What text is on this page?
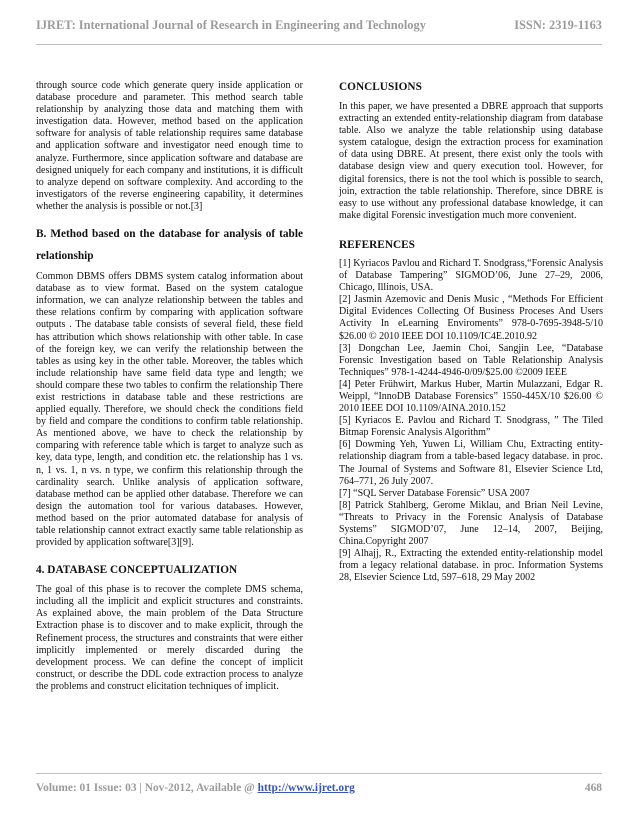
IJRET: International Journal of Research in Engineering and Technology	ISSN: 2319-1163

through source code which generate query inside application or database procedure and parameter. This method search table relationship by analyzing those data and matching them with investigation data. However, method based on the application software for analysis of table relationship requires same database and application software and investigator need enough time to analyze. Furthermore, since application software and database are designed uniquely for each company and institutions, it is difficult to analyze depend on software complexity. And according to the investigators of the reverse engineering capability, it determines whether the analysis is possible or not.[3]

B. Method based on the database for analysis of table relationship

Common DBMS offers DBMS system catalog information about database as to view format. Based on the system catalogue information, we can analyze relationship between the tables and these relations confirm by comparing with application software outputs . The database table consists of several field, these field has attribution which shows relationship with other table. In case of the foreign key, we can verify the relationship between the tables as using key in the other table. Moreover, the tables which include relationship have same field data type and length; we should compare these two tables to confirm the relationship There exist restrictions in database table and these restrictions are applied equally. Therefore, we should check the conditions field by field and compare the conditions to confirm table relationship. As mentioned above, we have to check the relationship by comparing with reference table which is target to analyze such as key, data type, length, and condition etc. the relationship has 1 vs. n, 1 vs. 1, n vs. n type, we confirm this relationship through the cardinality search. Unlike analysis of application software, database method can be applied other database. Therefore we can design the automation tool for various databases. However, method based on the prior automated database for analysis of table relationship cannot extract exactly same table relationship as provided by application software[3][9].

4. DATABASE CONCEPTUALIZATION

The goal of this phase is to recover the complete DMS schema, including all the implicit and explicit structures and constraints. As explained above, the main problem of the Data Structure Extraction phase is to discover and to make explicit, through the Refinement process, the structures and constraints that were either implicitly implemented or merely discarded during the development process. We can define the concept of implicit construct, or describe the DDL code extraction process to analyze the problems and construct elicitation techniques of implicit.

CONCLUSIONS

In this paper, we have presented a DBRE approach that supports extracting an extended entity-relationship diagram from database table. Also we analyze the table relationship using database system catalogue, design the extraction process for examination of data using DBRE. At present, there exist only the tools with database design view and query execution tool. However, for digital forensics, there is not the tool which is possible to search, join, extraction the table relationship. Therefore, since DBRE is easy to use without any professional database knowledge, it can make digital Forensic investigation much more convenient.

REFERENCES

[1] Kyriacos Pavlou and Richard T. Snodgrass,“Forensic Analysis of Database Tampering” SIGMOD’06, June 27–29, 2006, Chicago, Illinois, USA.

[2] Jasmin Azemovic and Denis Music , “Methods For Efficient Digital Evidences Collecting Of Business Proceses And Users Activity In eLearning Enviroments” 978-0-7695-3948-5/10 $26.00 © 2010 IEEE DOI 10.1109/IC4E.2010.92

[3] Dongchan Lee, Jaemin Choi, Sangjin Lee, “Database Forensic Investigation based on Table Relationship Analysis Techniques” 978-1-4244-4946-0/09/$25.00 ©2009 IEEE

[4] Peter Frühwirt, Markus Huber, Martin Mulazzani, Edgar R. Weippl, “InnoDB Database Forensics” 1550-445X/10 $26.00 © 2010 IEEE DOI 10.1109/AINA.2010.152

[5] Kyriacos E. Pavlou and Richard T. Snodgrass, ” The Tiled Bitmap Forensic Analysis Algorithm”

[6] Dowming Yeh, Yuwen Li, William Chu, Extracting entity-relationship diagram from a table-based legacy database. in proc. The Journal of Systems and Software 81, Elsevier Science Ltd, 764–771, 26 July 2007.

[7] “SQL Server Database Forensic” USA 2007

[8] Patrick Stahlberg, Gerome Miklau, and Brian Neil Levine, “Threats to Privacy in the Forensic Analysis of Database Systems” SIGMOD’07, June 12–14, 2007, Beijing, China.Copyright 2007

[9] Alhajj, R., Extracting the extended entity-relationship model from a legacy relational database. in proc. Information Systems 28, Elsevier Science Ltd, 597–618, 29 May 2002

Volume: 01 Issue: 03 | Nov-2012, Available @ http://www.ijret.org	468
